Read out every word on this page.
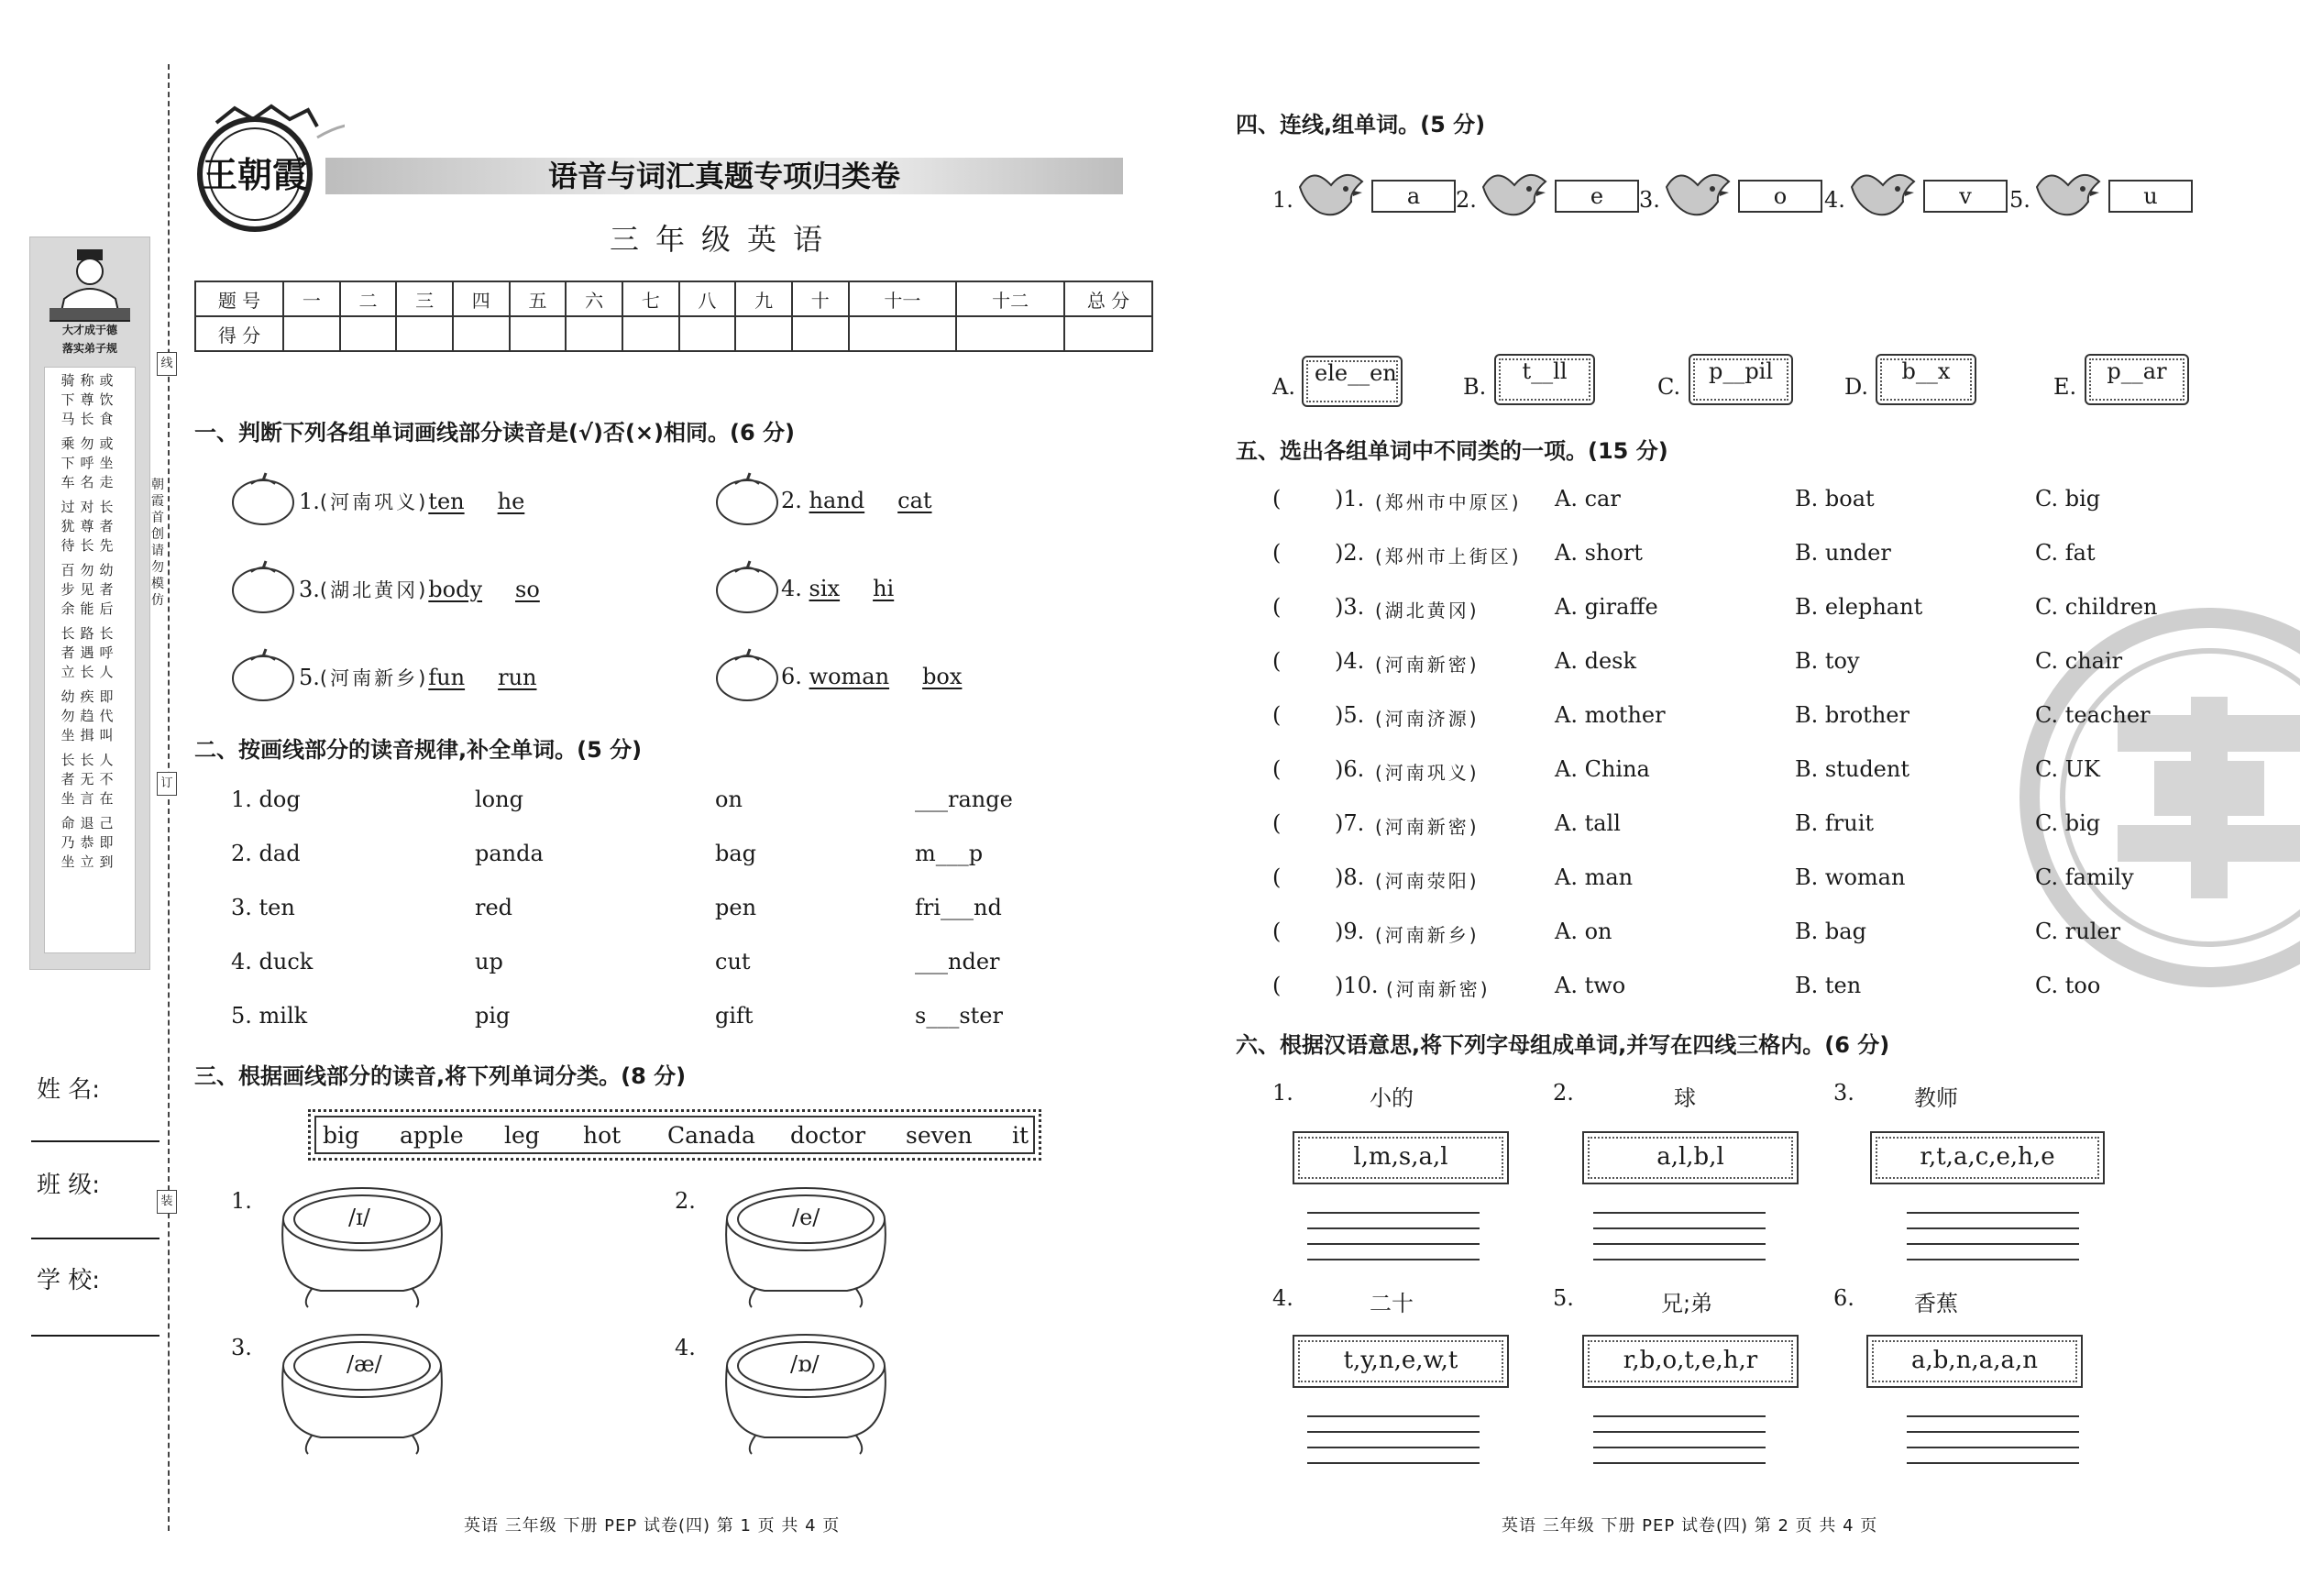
大才成于德
落实弟子规
骑称或 下尊饮 马长食
乘勿或 下呼坐 车名走
过对长 犹尊者 待长先
百勿幼 步见者 余能后
长路长 者遇呼 立长人
幼疾即 勿趋代 坐揖叫
长长人 者无不 坐言在
命退己 乃恭即 坐立到
姓 名:
班 级:
学 校:
线
订
装
朝霞首创 请勿模仿
王朝霞	语音与词汇真题专项归类卷
三年级英语
题 号	一	二	三	四	五	六	七	八	九	十	十一	十二	总 分
得 分													
一、判断下列各组单词画线部分读音是(√)否(×)相同。(6 分)
1.(河南巩义)ten he	2. hand cat
3.(湖北黄冈)body so	4. six hi
5.(河南新乡)fun run	6. woman box
二、按画线部分的读音规律,补全单词。(5 分)
1. dog	long	on	___range
2. dad	panda	bag	m___p
3. ten	red	pen	fri___nd
4. duck	up	cut	___nder
5. milk	pig	gift	s___ster
三、根据画线部分的读音,将下列单词分类。(8 分)
big apple leg hot Canada doctor seven it
1.
/ɪ/
2.
/e/
3.
/æ/
4.
/ɒ/
英语 三年级 下册 PEP 试卷(四) 第 1 页 共 4 页
四、连线,组单词。(5 分)
1.	a	2.	e	3.	o	4.	v	5.	u
A.
ele__en
B.
t__ll
C.
p__pil
D.
b__x
E.
p__ar
五、选出各组单词中不同类的一项。(15 分)
( )1. (郑州市中原区) A. car	B. boat	C. big
( )2. (郑州市上街区) A. short	B. under	C. fat
( )3. (湖北黄冈)	A. giraffe	B. elephant	C. children
( )4. (河南新密)	A. desk	B. toy	C. chair
( )5. (河南济源)	A. mother	B. brother	C. teacher
( )6. (河南巩义)	A. China	B. student	C. UK
( )7. (河南新密)	A. tall	B. fruit	C. big
( )8. (河南荥阳)	A. man	B. woman	C. family
( )9. (河南新乡)	A. on	B. bag	C. ruler
( )10. (河南新密)	A. two	B. ten	C. too
六、根据汉语意思,将下列字母组成单词,并写在四线三格内。(6 分)
1.	小的
l,m,s,a,l
2.	球
a,l,b,l
3.	教师
r,t,a,c,e,h,e
4.	二十
t,y,n,e,w,t
5.	兄;弟
r,b,o,t,e,h,r
6.	香蕉
a,b,n,a,a,n
英语 三年级 下册 PEP 试卷(四) 第 2 页 共 4 页
